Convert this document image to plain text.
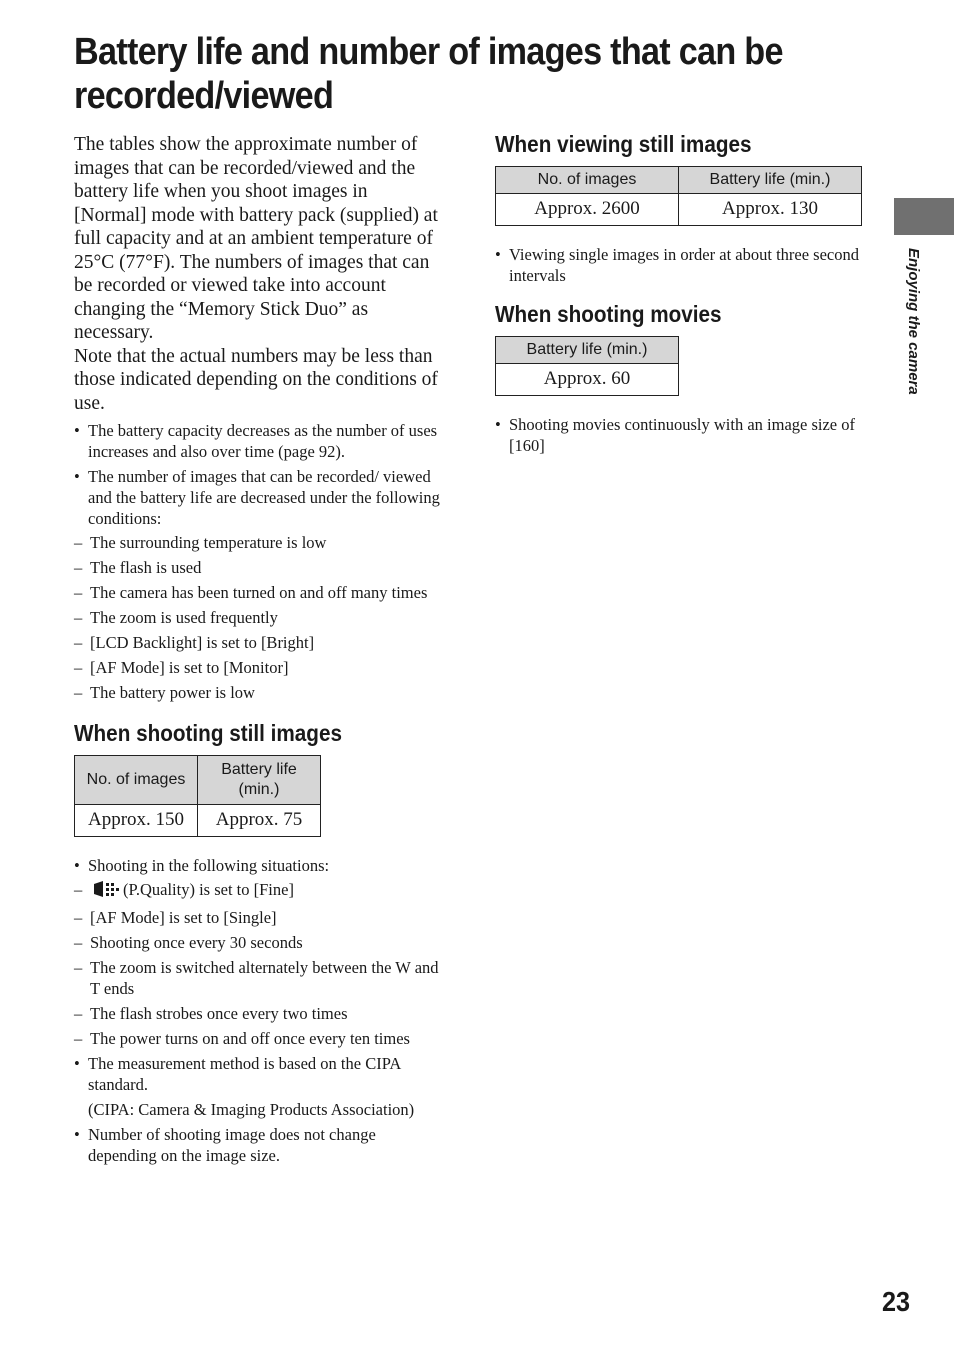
Battery life and number of images that can be recorded/viewed

The tables show the approximate number of images that can be recorded/viewed and the battery life when you shoot images in [Normal] mode with battery pack (supplied) at full capacity and at an ambient temperature of 25°C (77°F). The numbers of images that can be recorded or viewed take into account changing the “Memory Stick Duo” as necessary.

Note that the actual numbers may be less than those indicated depending on the conditions of use.

• The battery capacity decreases as the number of uses increases and also over time (page 92).
• The number of images that can be recorded/ viewed and the battery life are decreased under the following conditions:
– The surrounding temperature is low
– The flash is used
– The camera has been turned on and off many times
– The zoom is used frequently
– [LCD Backlight] is set to [Bright]
– [AF Mode] is set to [Monitor]
– The battery power is low
When shooting still images
No. of images	Battery life (min.)
Approx. 150	Approx. 75
• Shooting in the following situations:
– (P.Quality) is set to [Fine]
– [AF Mode] is set to [Single]
– Shooting once every 30 seconds
– The zoom is switched alternately between the W and T ends
– The flash strobes once every two times
– The power turns on and off once every ten times
• The measurement method is based on the CIPA standard.
(CIPA: Camera & Imaging Products Association)
• Number of shooting image does not change depending on the image size.
When viewing still images
No. of images	Battery life (min.)
Approx. 2600	Approx. 130
• Viewing single images in order at about three second intervals
When shooting movies
Battery life (min.)
Approx. 60
• Shooting movies continuously with an image size of [160]
Enjoying the camera
23
